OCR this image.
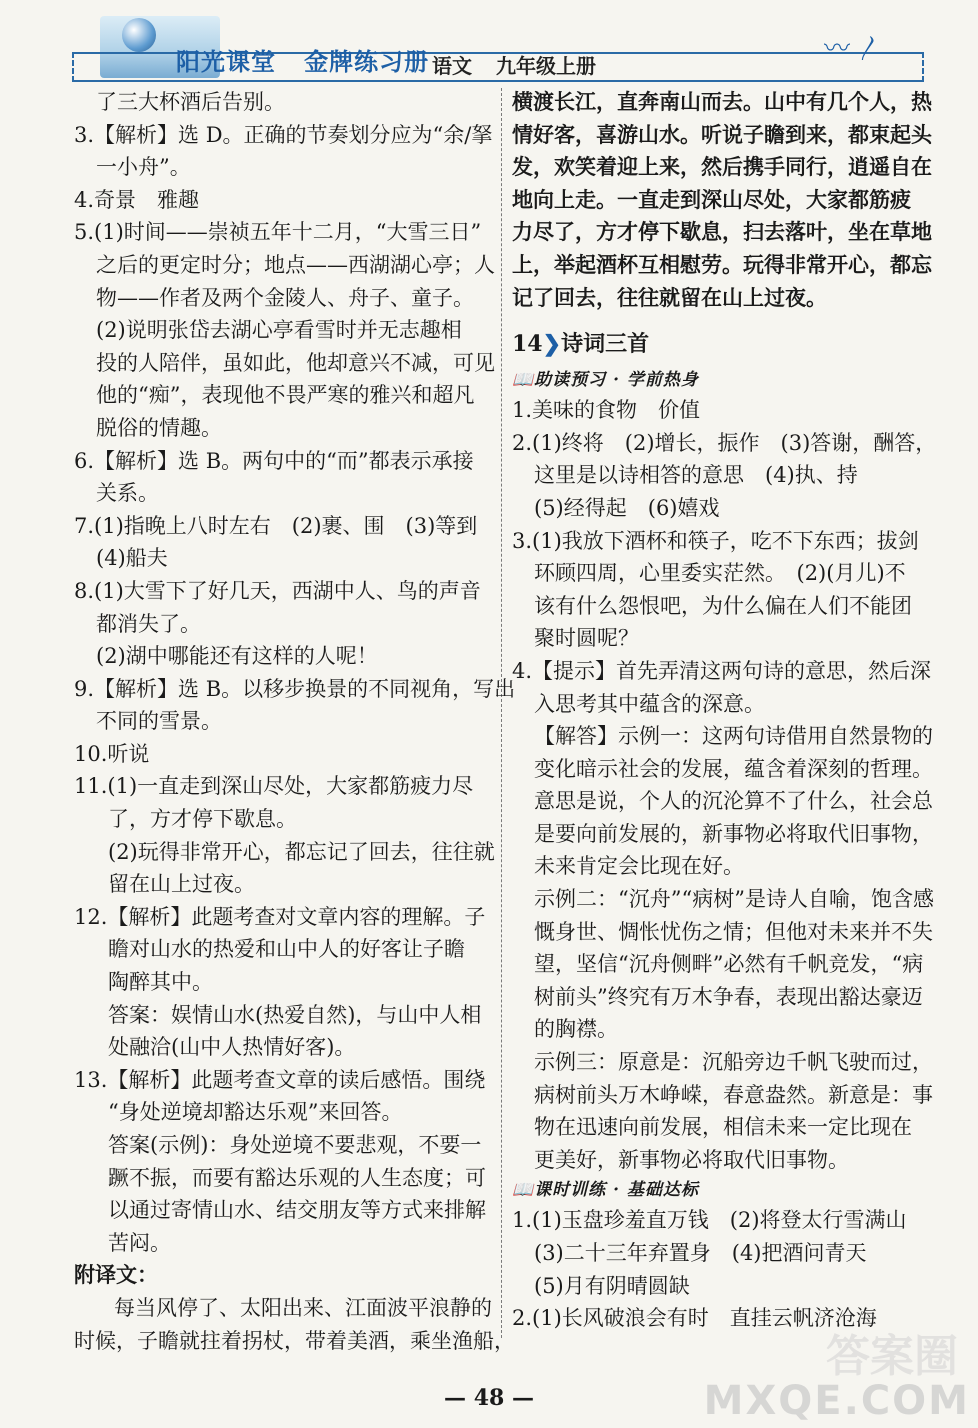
阳光课堂 金牌练习册 语文 九年级上册
〰︎〳
了三大杯酒后告别。
3.【解析】选 D。正确的节奏划分应为“余/拏
一小舟”。
4.奇景　雅趣
5.(1)时间——崇祯五年十二月，“大雪三日”
之后的更定时分；地点——西湖湖心亭；人
物——作者及两个金陵人、舟子、童子。
(2)说明张岱去湖心亭看雪时并无志趣相
投的人陪伴，虽如此，他却意兴不减，可见
他的“痴”，表现他不畏严寒的雅兴和超凡
脱俗的情趣。
6.【解析】选 B。两句中的“而”都表示承接
关系。
7.(1)指晚上八时左右　(2)裹、围　(3)等到
(4)船夫
8.(1)大雪下了好几天，西湖中人、鸟的声音
都消失了。
(2)湖中哪能还有这样的人呢！
9.【解析】选 B。以移步换景的不同视角，写出
不同的雪景。
10.听说
11.(1)一直走到深山尽处，大家都筋疲力尽
了，方才停下歇息。
(2)玩得非常开心，都忘记了回去，往往就
留在山上过夜。
12.【解析】此题考查对文章内容的理解。子
瞻对山水的热爱和山中人的好客让子瞻
陶醉其中。
答案：娱情山水(热爱自然)，与山中人相
处融洽(山中人热情好客)。
13.【解析】此题考查文章的读后感悟。围绕
“身处逆境却豁达乐观”来回答。
答案(示例)：身处逆境不要悲观，不要一
蹶不振，而要有豁达乐观的人生态度；可
以通过寄情山水、结交朋友等方式来排解
苦闷。
附译文：
每当风停了、太阳出来、江面波平浪静的
时候，子瞻就拄着拐杖，带着美酒，乘坐渔船，
横渡长江，直奔南山而去。山中有几个人，热
情好客，喜游山水。听说子瞻到来，都束起头
发，欢笑着迎上来，然后携手同行，逍遥自在
地向上走。一直走到深山尽处，大家都筋疲
力尽了，方才停下歇息，扫去落叶，坐在草地
上，举起酒杯互相慰劳。玩得非常开心，都忘
记了回去，往往就留在山上过夜。
14❯诗词三首
📖助读预习 · 学前热身
1.美味的食物　价值
2.(1)终将　(2)增长，振作　(3)答谢，酬答，
这里是以诗相答的意思　(4)执、持
(5)经得起　(6)嬉戏
3.(1)我放下酒杯和筷子，吃不下东西；拔剑
环顾四周，心里委实茫然。　(2)(月儿)不
该有什么怨恨吧，为什么偏在人们不能团
聚时圆呢？
4.【提示】首先弄清这两句诗的意思，然后深
入思考其中蕴含的深意。
【解答】示例一：这两句诗借用自然景物的
变化暗示社会的发展，蕴含着深刻的哲理。
意思是说，个人的沉沦算不了什么，社会总
是要向前发展的，新事物必将取代旧事物，
未来肯定会比现在好。
示例二：“沉舟”“病树”是诗人自喻，饱含感
慨身世、惆怅忧伤之情；但他对未来并不失
望，坚信“沉舟侧畔”必然有千帆竞发，“病
树前头”终究有万木争春，表现出豁达豪迈
的胸襟。
示例三：原意是：沉船旁边千帆飞驶而过，
病树前头万木峥嵘，春意盎然。新意是：事
物在迅速向前发展，相信未来一定比现在
更美好，新事物必将取代旧事物。
📖课时训练 · 基础达标
1.(1)玉盘珍羞直万钱　(2)将登太行雪满山
(3)二十三年弃置身　(4)把酒问青天
(5)月有阴晴圆缺
2.(1)长风破浪会有时　直挂云帆济沧海
— 48 —
答案圈
MXQE.COM
